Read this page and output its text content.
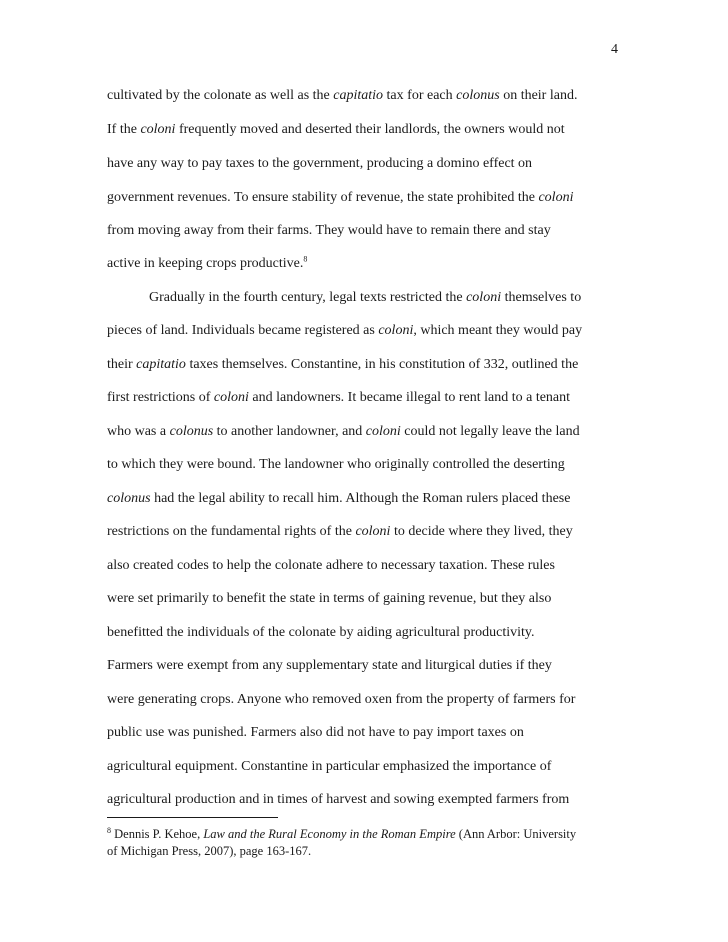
4
cultivated by the colonate as well as the capitatio tax for each colonus on their land.
If the coloni frequently moved and deserted their landlords, the owners would not
have any way to pay taxes to the government, producing a domino effect on
government revenues. To ensure stability of revenue, the state prohibited the coloni
from moving away from their farms. They would have to remain there and stay
active in keeping crops productive.$^8$
Gradually in the fourth century, legal texts restricted the coloni themselves to
pieces of land. Individuals became registered as coloni, which meant they would pay
their capitatio taxes themselves. Constantine, in his constitution of 332, outlined the
first restrictions of coloni and landowners. It became illegal to rent land to a tenant
who was a colonus to another landowner, and coloni could not legally leave the land
to which they were bound. The landowner who originally controlled the deserting
colonus had the legal ability to recall him. Although the Roman rulers placed these
restrictions on the fundamental rights of the coloni to decide where they lived, they
also created codes to help the colonate adhere to necessary taxation. These rules
were set primarily to benefit the state in terms of gaining revenue, but they also
benefitted the individuals of the colonate by aiding agricultural productivity.
Farmers were exempt from any supplementary state and liturgical duties if they
were generating crops. Anyone who removed oxen from the property of farmers for
public use was punished. Farmers also did not have to pay import taxes on
agricultural equipment. Constantine in particular emphasized the importance of
agricultural production and in times of harvest and sowing exempted farmers from
$^8$ Dennis P. Kehoe, Law and the Rural Economy in the Roman Empire (Ann Arbor: University
of Michigan Press, 2007), page 163-167.
